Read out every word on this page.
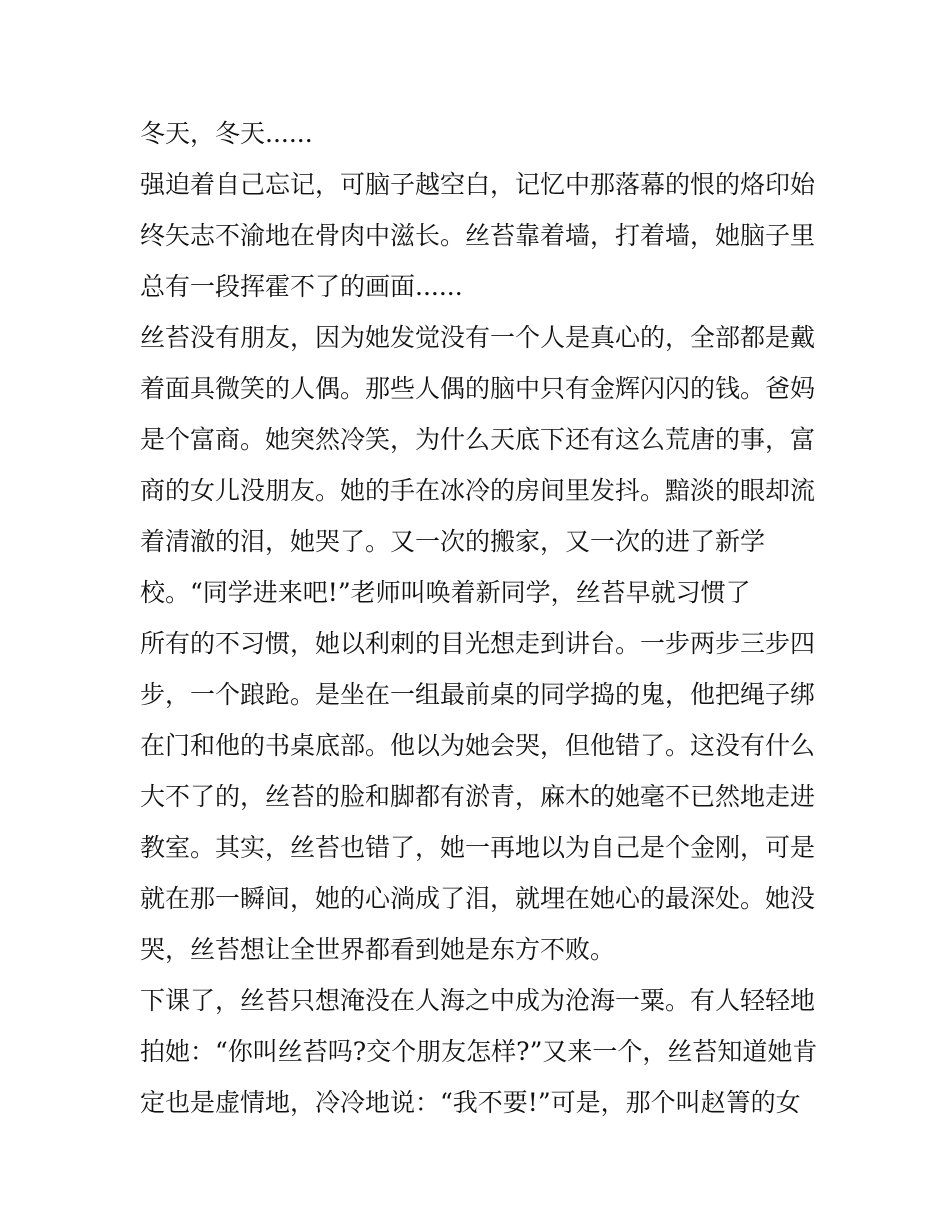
冬天，冬天......
强迫着自己忘记，可脑子越空白，记忆中那落幕的恨的烙印始
终矢志不渝地在骨肉中滋长。丝苔靠着墙，打着墙，她脑子里
总有一段挥霍不了的画面......
丝苔没有朋友，因为她发觉没有一个人是真心的，全部都是戴
着面具微笑的人偶。那些人偶的脑中只有金辉闪闪的钱。爸妈
是个富商。她突然冷笑，为什么天底下还有这么荒唐的事，富
商的女儿没朋友。她的手在冰冷的房间里发抖。黯淡的眼却流
着清澈的泪，她哭了。又一次的搬家，又一次的进了新学
校。“同学进来吧!”老师叫唤着新同学，丝苔早就习惯了
所有的不习惯，她以利刺的目光想走到讲台。一步两步三步四
步，一个踉跄。是坐在一组最前桌的同学捣的鬼，他把绳子绑
在门和他的书桌底部。他以为她会哭，但他错了。这没有什么
大不了的，丝苔的脸和脚都有淤青，麻木的她毫不已然地走进
教室。其实，丝苔也错了，她一再地以为自己是个金刚，可是
就在那一瞬间，她的心淌成了泪，就埋在她心的最深处。她没
哭，丝苔想让全世界都看到她是东方不败。
下课了，丝苔只想淹没在人海之中成为沧海一粟。有人轻轻地
拍她：“你叫丝苔吗?交个朋友怎样?”又来一个，丝苔知道她肯
定也是虚情地，冷冷地说：“我不要!”可是，那个叫赵箐的女
